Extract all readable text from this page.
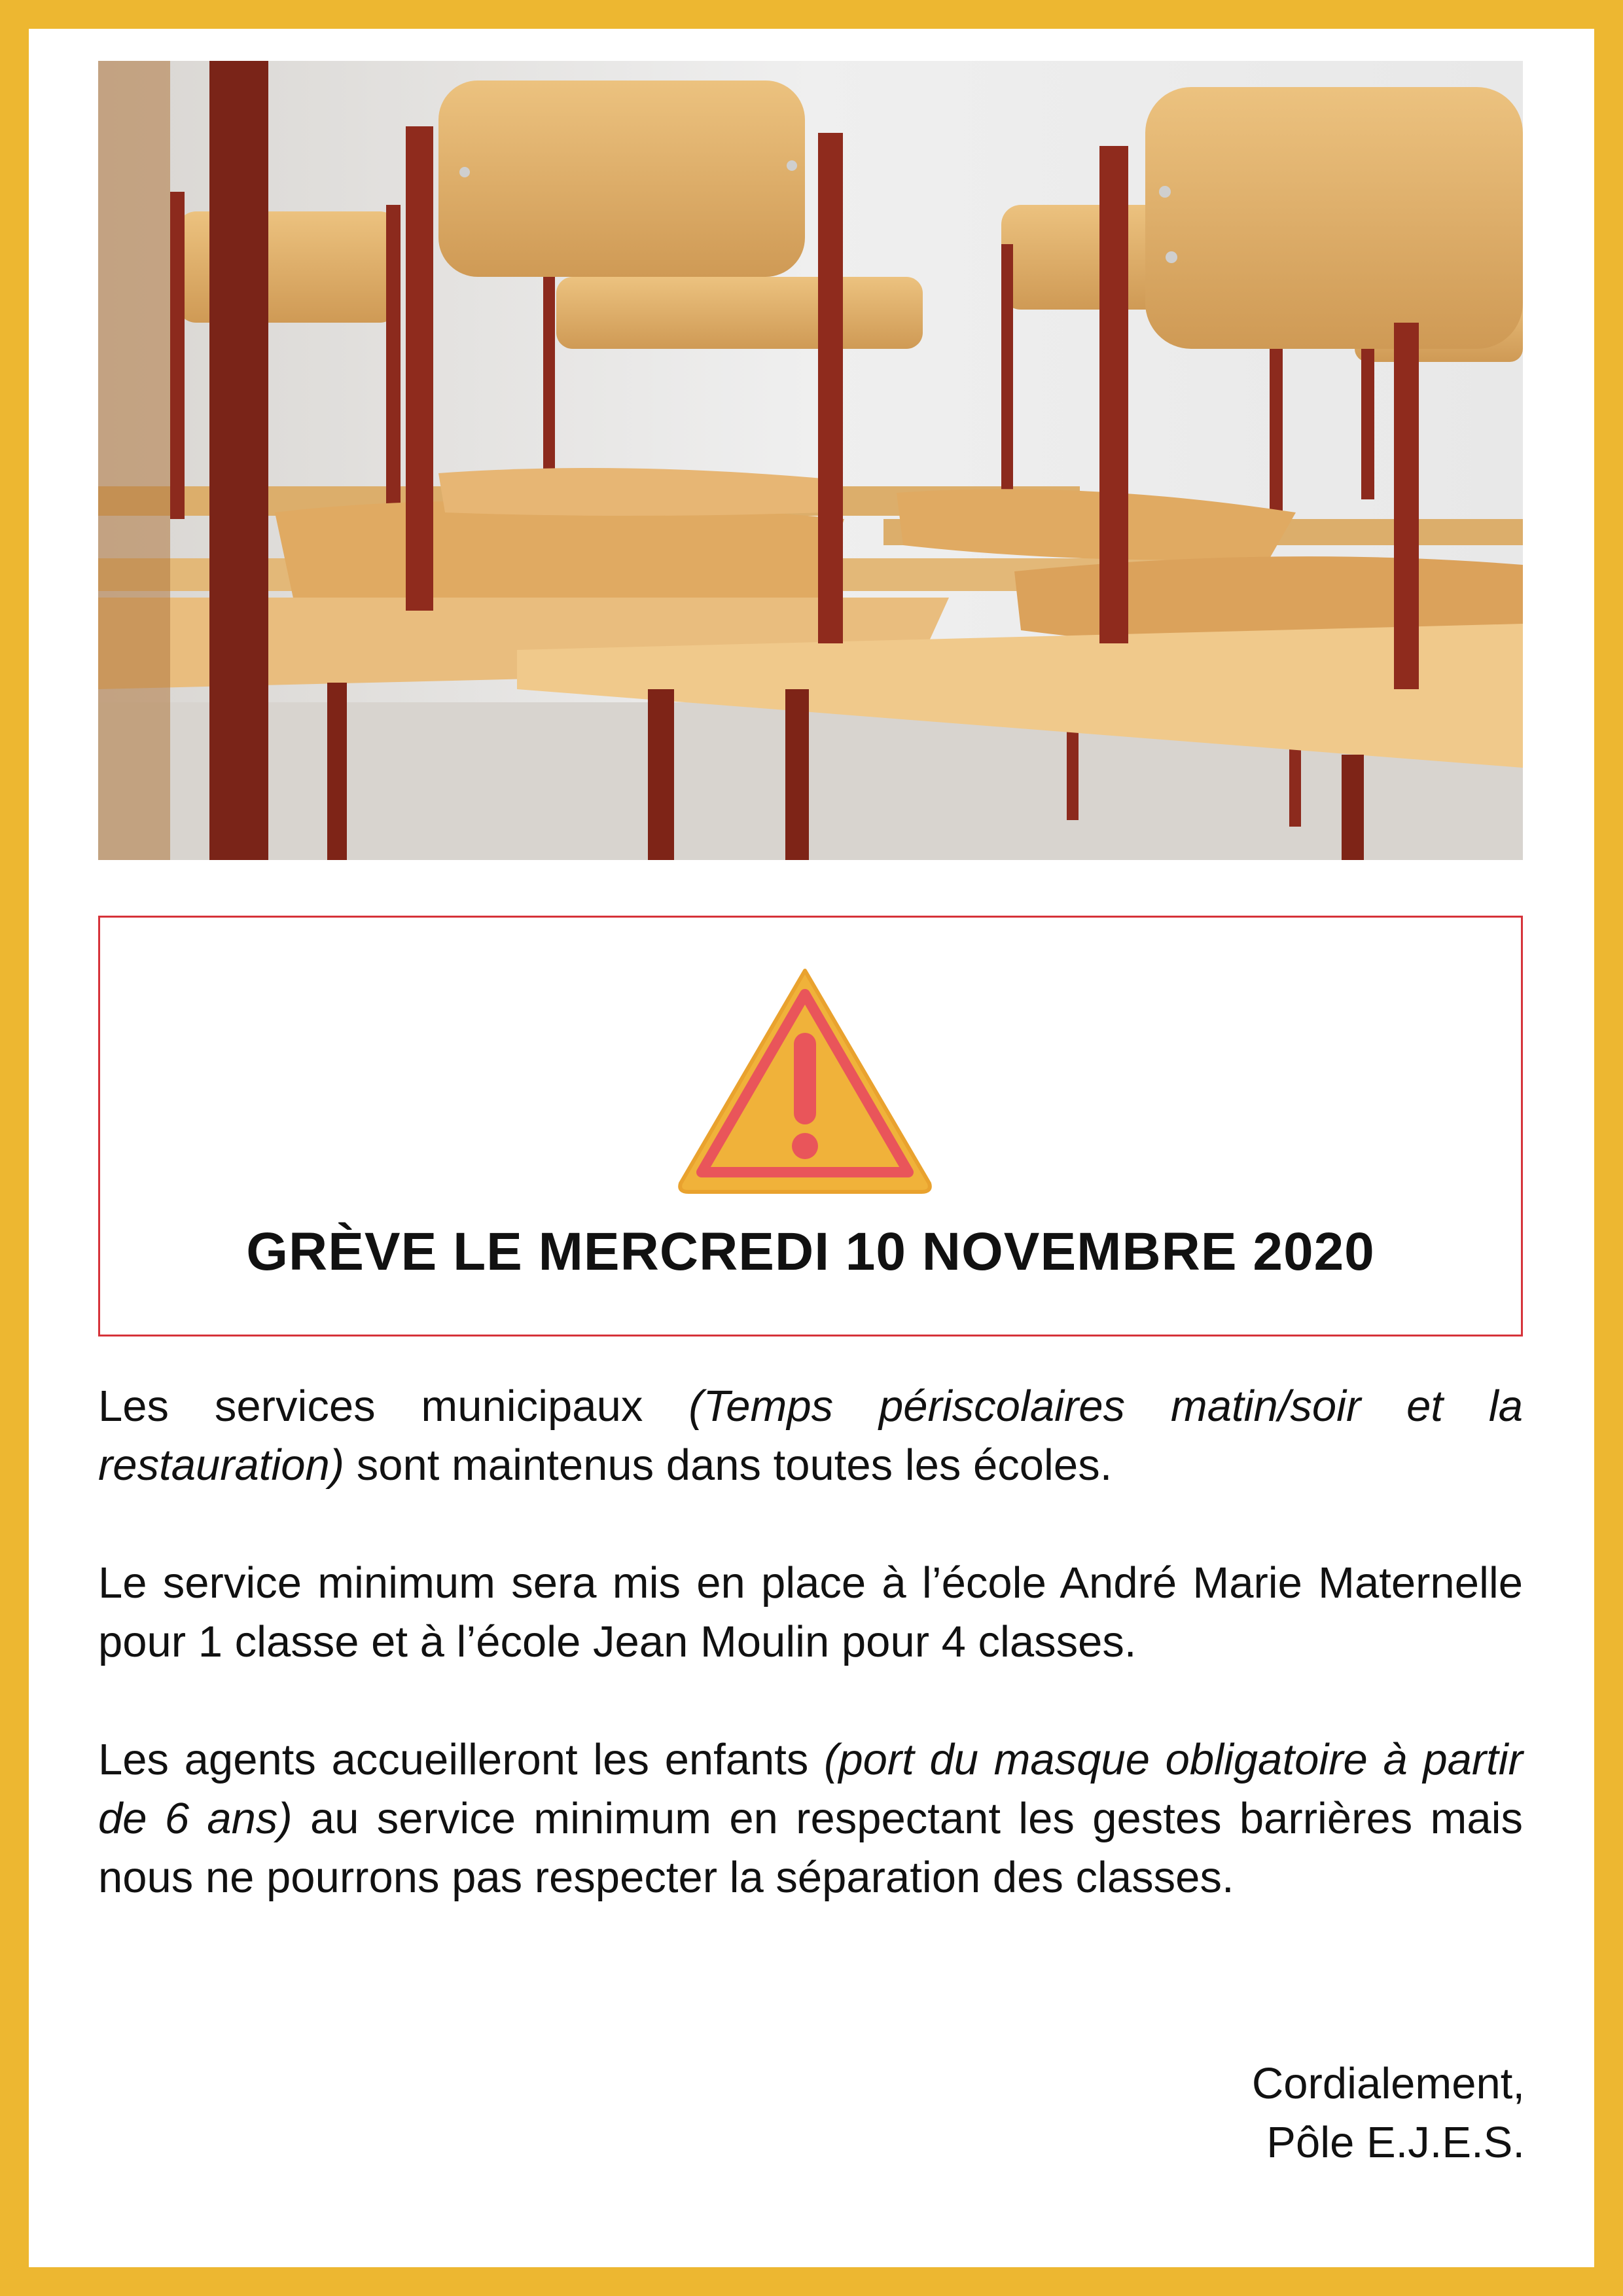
GRÈVE LE MERCREDI 10 NOVEMBRE 2020

Les services municipaux (Temps périscolaires matin/soir et la restauration) sont maintenus dans toutes les écoles.

Le service minimum sera mis en place à l’école André Marie Maternelle pour 1 classe et à l’école Jean Moulin pour 4 classes.

Les agents accueilleront les enfants (port du masque obligatoire à partir de 6 ans) au service minimum en respectant les gestes barrières mais nous ne pourrons pas respecter la séparation des classes.

Cordialement,
Pôle E.J.E.S.
